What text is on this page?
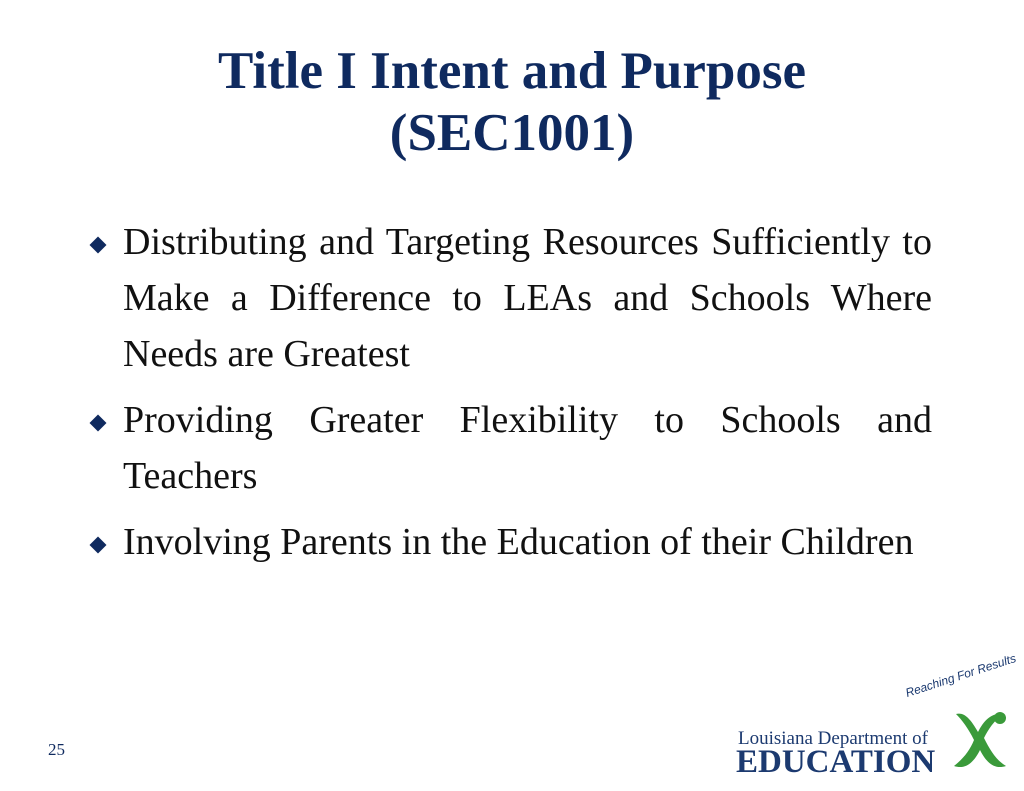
Title I Intent and Purpose
(SEC1001)
Distributing and Targeting Resources Sufficiently to Make a Difference to LEAs and Schools Where Needs are Greatest
Providing Greater Flexibility to Schools and Teachers
Involving Parents in the Education of their Children
25
Reaching For Results
Louisiana Department of
EDUCATION
